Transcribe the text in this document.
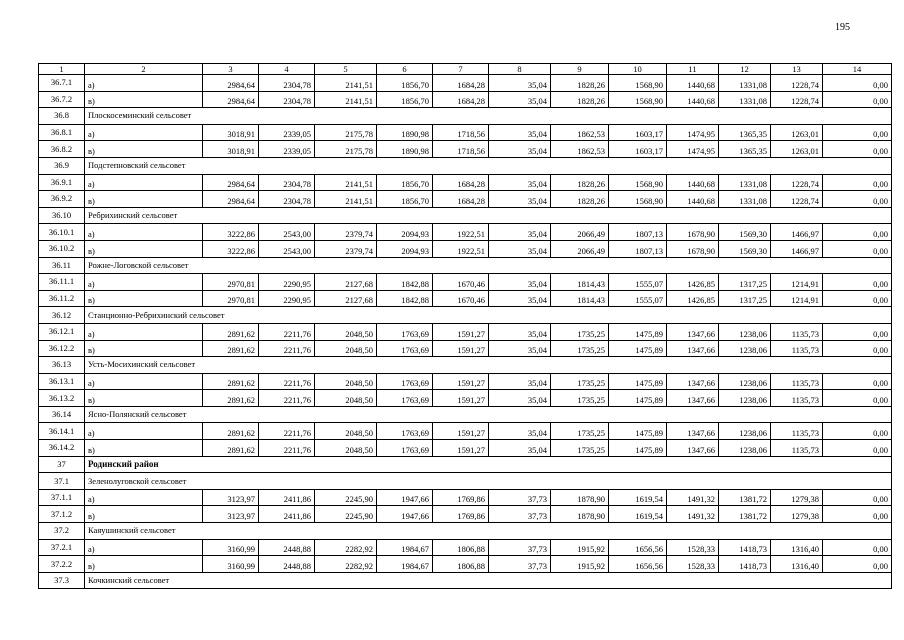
195
1	2	3	4	5	6	7	8	9	10	11	12	13	14
36.7.1	а)	2984,64	2304,78	2141,51	1856,70	1684,28	35,04	1828,26	1568,90	1440,68	1331,08	1228,74	0,00
36.7.2	в)	2984,64	2304,78	2141,51	1856,70	1684,28	35,04	1828,26	1568,90	1440,68	1331,08	1228,74	0,00
36.8	Плоскосеминский сельсовет												
36.8.1	а)	3018,91	2339,05	2175,78	1890,98	1718,56	35,04	1862,53	1603,17	1474,95	1365,35	1263,01	0,00
36.8.2	в)	3018,91	2339,05	2175,78	1890,98	1718,56	35,04	1862,53	1603,17	1474,95	1365,35	1263,01	0,00
36.9	Подстепновский сельсовет												
36.9.1	а)	2984,64	2304,78	2141,51	1856,70	1684,28	35,04	1828,26	1568,90	1440,68	1331,08	1228,74	0,00
36.9.2	в)	2984,64	2304,78	2141,51	1856,70	1684,28	35,04	1828,26	1568,90	1440,68	1331,08	1228,74	0,00
36.10	Ребрихинский сельсовет												
36.10.1	а)	3222,86	2543,00	2379,74	2094,93	1922,51	35,04	2066,49	1807,13	1678,90	1569,30	1466,97	0,00
36.10.2	в)	3222,86	2543,00	2379,74	2094,93	1922,51	35,04	2066,49	1807,13	1678,90	1569,30	1466,97	0,00
36.11	Рожне-Логовской сельсовет												
36.11.1	а)	2970,81	2290,95	2127,68	1842,88	1670,46	35,04	1814,43	1555,07	1426,85	1317,25	1214,91	0,00
36.11.2	в)	2970,81	2290,95	2127,68	1842,88	1670,46	35,04	1814,43	1555,07	1426,85	1317,25	1214,91	0,00
36.12	Станционно-Ребрихинский сельсовет												
36.12.1	а)	2891,62	2211,76	2048,50	1763,69	1591,27	35,04	1735,25	1475,89	1347,66	1238,06	1135,73	0,00
36.12.2	в)	2891,62	2211,76	2048,50	1763,69	1591,27	35,04	1735,25	1475,89	1347,66	1238,06	1135,73	0,00
36.13	Усть-Мосихинский сельсовет												
36.13.1	а)	2891,62	2211,76	2048,50	1763,69	1591,27	35,04	1735,25	1475,89	1347,66	1238,06	1135,73	0,00
36.13.2	в)	2891,62	2211,76	2048,50	1763,69	1591,27	35,04	1735,25	1475,89	1347,66	1238,06	1135,73	0,00
36.14	Ясно-Полянский сельсовет												
36.14.1	а)	2891,62	2211,76	2048,50	1763,69	1591,27	35,04	1735,25	1475,89	1347,66	1238,06	1135,73	0,00
36.14.2	в)	2891,62	2211,76	2048,50	1763,69	1591,27	35,04	1735,25	1475,89	1347,66	1238,06	1135,73	0,00
37	Родинский район												
37.1	Зеленолуговской сельсовет												
37.1.1	а)	3123,97	2411,86	2245,90	1947,66	1769,86	37,73	1878,90	1619,54	1491,32	1381,72	1279,38	0,00
37.1.2	в)	3123,97	2411,86	2245,90	1947,66	1769,86	37,73	1878,90	1619,54	1491,32	1381,72	1279,38	0,00
37.2	Каяушинский сельсовет												
37.2.1	а)	3160,99	2448,88	2282,92	1984,67	1806,88	37,73	1915,92	1656,56	1528,33	1418,73	1316,40	0,00
37.2.2	в)	3160,99	2448,88	2282,92	1984,67	1806,88	37,73	1915,92	1656,56	1528,33	1418,73	1316,40	0,00
37.3	Кочкинский сельсовет												
